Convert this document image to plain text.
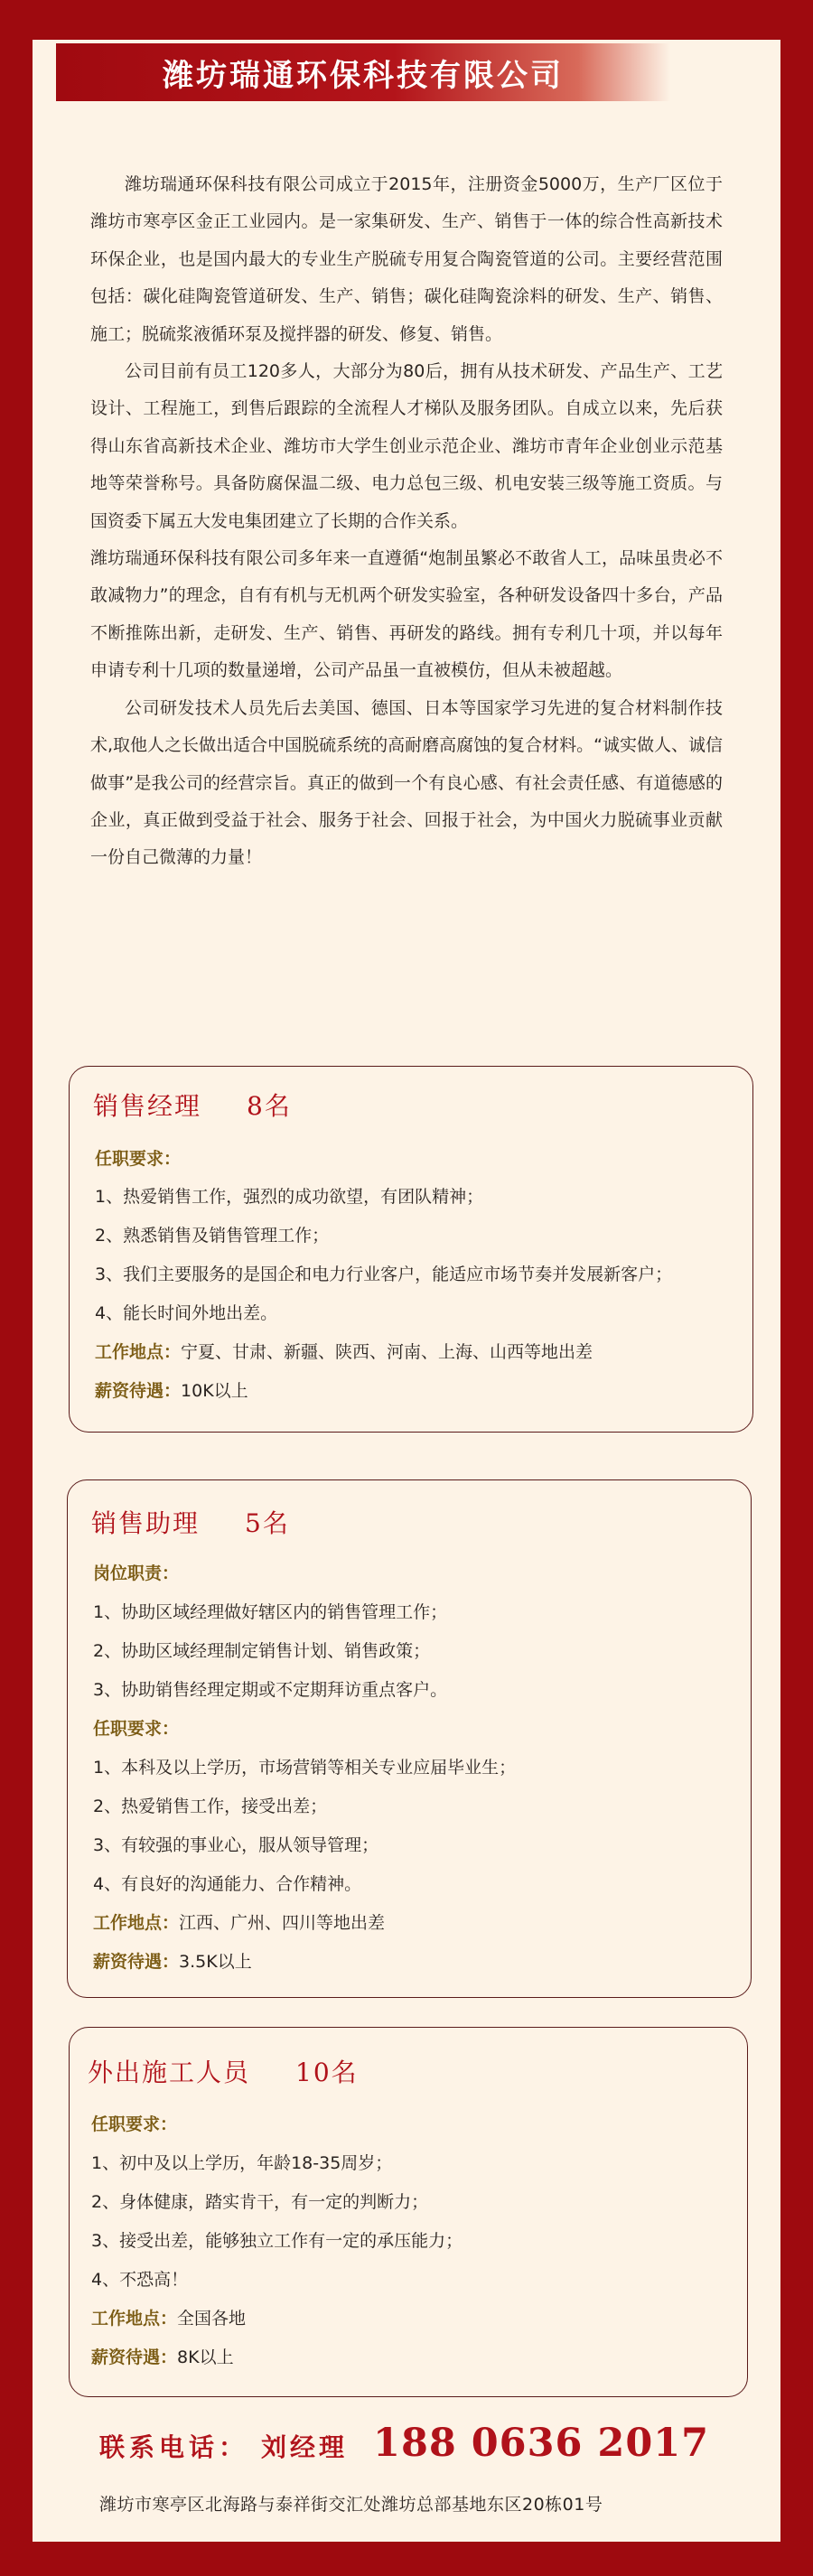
潍坊瑞通环保科技有限公司

潍坊瑞通环保科技有限公司成立于2015年，注册资金5000万，生产厂区位于潍坊市寒亭区金正工业园内。是一家集研发、生产、销售于一体的综合性高新技术环保企业，也是国内最大的专业生产脱硫专用复合陶瓷管道的公司。主要经营范围包括：碳化硅陶瓷管道研发、生产、销售；碳化硅陶瓷涂料的研发、生产、销售、施工；脱硫浆液循环泵及搅拌器的研发、修复、销售。

公司目前有员工120多人，大部分为80后，拥有从技术研发、产品生产、工艺设计、工程施工，到售后跟踪的全流程人才梯队及服务团队。自成立以来，先后获得山东省高新技术企业、潍坊市大学生创业示范企业、潍坊市青年企业创业示范基地等荣誉称号。具备防腐保温二级、电力总包三级、机电安装三级等施工资质。与国资委下属五大发电集团建立了长期的合作关系。

潍坊瑞通环保科技有限公司多年来一直遵循“炮制虽繁必不敢省人工，品味虽贵必不敢减物力”的理念，自有有机与无机两个研发实验室，各种研发设备四十多台，产品不断推陈出新，走研发、生产、销售、再研发的路线。拥有专利几十项，并以每年申请专利十几项的数量递增，公司产品虽一直被模仿，但从未被超越。

公司研发技术人员先后去美国、德国、日本等国家学习先进的复合材料制作技术,取他人之长做出适合中国脱硫系统的高耐磨高腐蚀的复合材料。“诚实做人、诚信做事”是我公司的经营宗旨。真正的做到一个有良心感、有社会责任感、有道德感的企业，真正做到受益于社会、服务于社会、回报于社会，为中国火力脱硫事业贡献一份自己微薄的力量！

销售经理 8名
任职要求：
1、热爱销售工作，强烈的成功欲望，有团队精神；
2、熟悉销售及销售管理工作；
3、我们主要服务的是国企和电力行业客户，能适应市场节奏并发展新客户；
4、能长时间外地出差。
工作地点：宁夏、甘肃、新疆、陕西、河南、上海、山西等地出差
薪资待遇：10K以上
销售助理 5名
岗位职责：
1、协助区域经理做好辖区内的销售管理工作；
2、协助区域经理制定销售计划、销售政策；
3、协助销售经理定期或不定期拜访重点客户。
任职要求：
1、本科及以上学历，市场营销等相关专业应届毕业生；
2、热爱销售工作，接受出差；
3、有较强的事业心，服从领导管理；
4、有良好的沟通能力、合作精神。
工作地点：江西、广州、四川等地出差
薪资待遇：3.5K以上
外出施工人员 10名
任职要求：
1、初中及以上学历，年龄18-35周岁；
2、身体健康，踏实肯干，有一定的判断力；
3、接受出差，能够独立工作有一定的承压能力；
4、不恐高！
工作地点：全国各地
薪资待遇：8K以上
联系电话： 刘经理 188 0636 2017
潍坊市寒亭区北海路与泰祥街交汇处潍坊总部基地东区20栋01号
